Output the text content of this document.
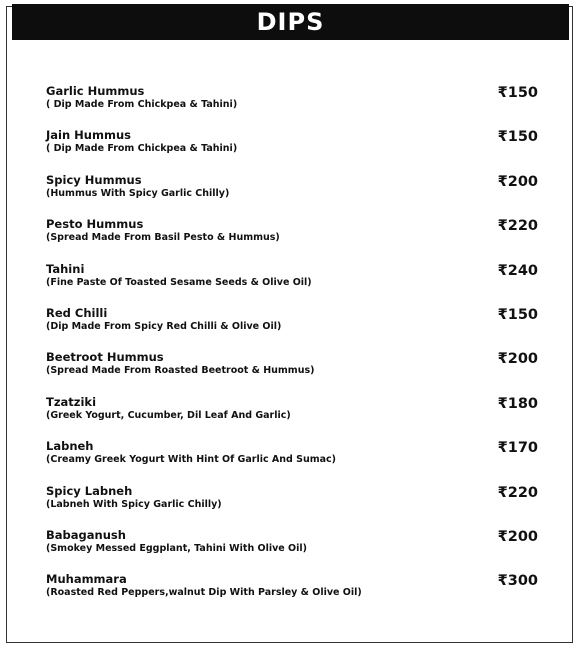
DIPS
Garlic Hummus
( Dip Made From Chickpea & Tahini)
₹150
Jain Hummus
( Dip Made From Chickpea & Tahini)
₹150
Spicy Hummus
(Hummus With Spicy Garlic Chilly)
₹200
Pesto Hummus
(Spread Made From Basil Pesto & Hummus)
₹220
Tahini
(Fine Paste Of Toasted Sesame Seeds & Olive Oil)
₹240
Red Chilli
(Dip Made From Spicy Red Chilli & Olive Oil)
₹150
Beetroot Hummus
(Spread Made From Roasted Beetroot & Hummus)
₹200
Tzatziki
(Greek Yogurt, Cucumber, Dil Leaf And Garlic)
₹180
Labneh
(Creamy Greek Yogurt With Hint Of Garlic And Sumac)
₹170
Spicy Labneh
(Labneh With Spicy Garlic Chilly)
₹220
Babaganush
(Smokey Messed Eggplant, Tahini With Olive Oil)
₹200
Muhammara
(Roasted Red Peppers,walnut Dip With Parsley & Olive Oil)
₹300
